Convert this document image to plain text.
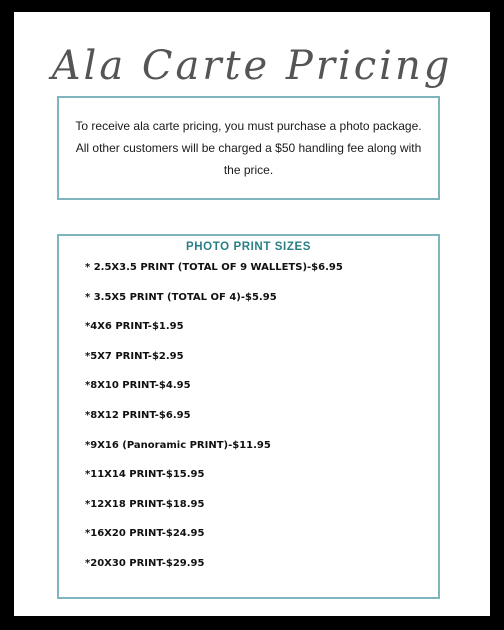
Ala Carte Pricing

To receive ala carte pricing, you must purchase a photo package. All other customers will be charged a $50 handling fee along with the price.

PHOTO PRINT SIZES
* 2.5X3.5 PRINT (TOTAL OF 9 WALLETS)-$6.95
* 3.5X5 PRINT (TOTAL OF 4)-$5.95
*4X6 PRINT-$1.95
*5X7 PRINT-$2.95
*8X10 PRINT-$4.95
*8X12 PRINT-$6.95
*9X16 (Panoramic PRINT)-$11.95
*11X14 PRINT-$15.95
*12X18 PRINT-$18.95
*16X20 PRINT-$24.95
*20X30 PRINT-$29.95
